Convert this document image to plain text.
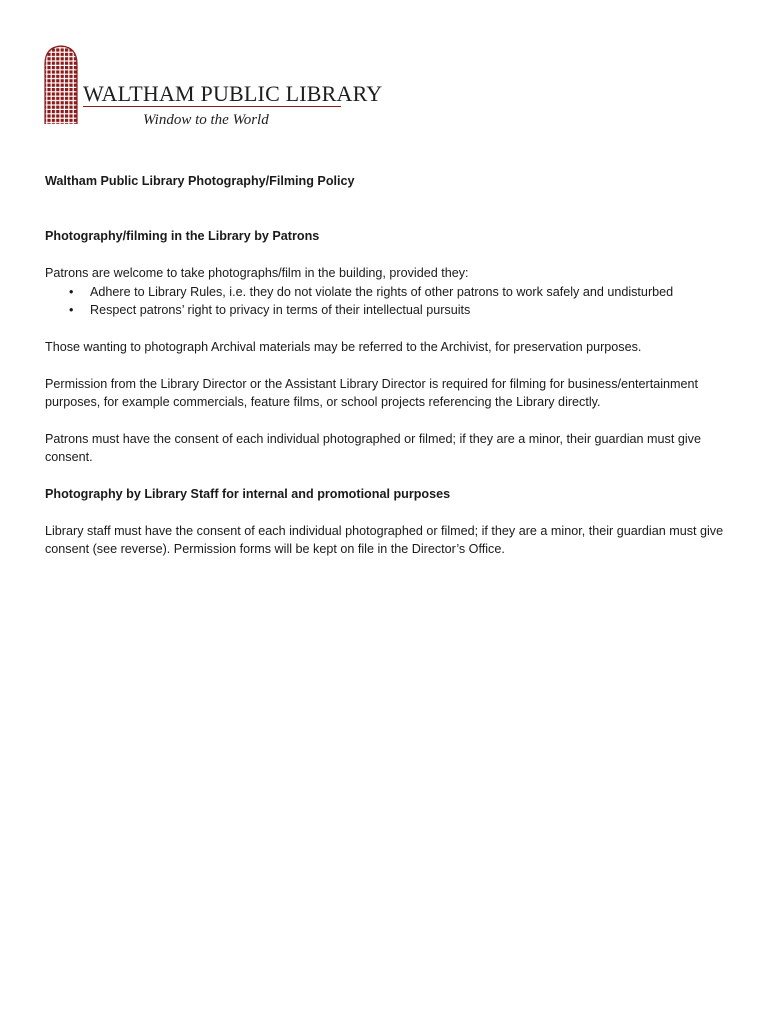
WALTHAM PUBLIC LIBRARY
Window to the World

Waltham Public Library Photography/Filming Policy

Photography/filming in the Library by Patrons

Patrons are welcome to take photographs/film in the building, provided they:

• Adhere to Library Rules, i.e. they do not violate the rights of other patrons to work safely and undisturbed
• Respect patrons’ right to privacy in terms of their intellectual pursuits

Those wanting to photograph Archival materials may be referred to the Archivist, for preservation purposes.

Permission from the Library Director or the Assistant Library Director is required for filming for business/entertainment purposes, for example commercials, feature films, or school projects referencing the Library directly.

Patrons must have the consent of each individual photographed or filmed; if they are a minor, their guardian must give consent.

Photography by Library Staff for internal and promotional purposes

Library staff must have the consent of each individual photographed or filmed; if they are a minor, their guardian must give consent (see reverse). Permission forms will be kept on file in the Director’s Office.
